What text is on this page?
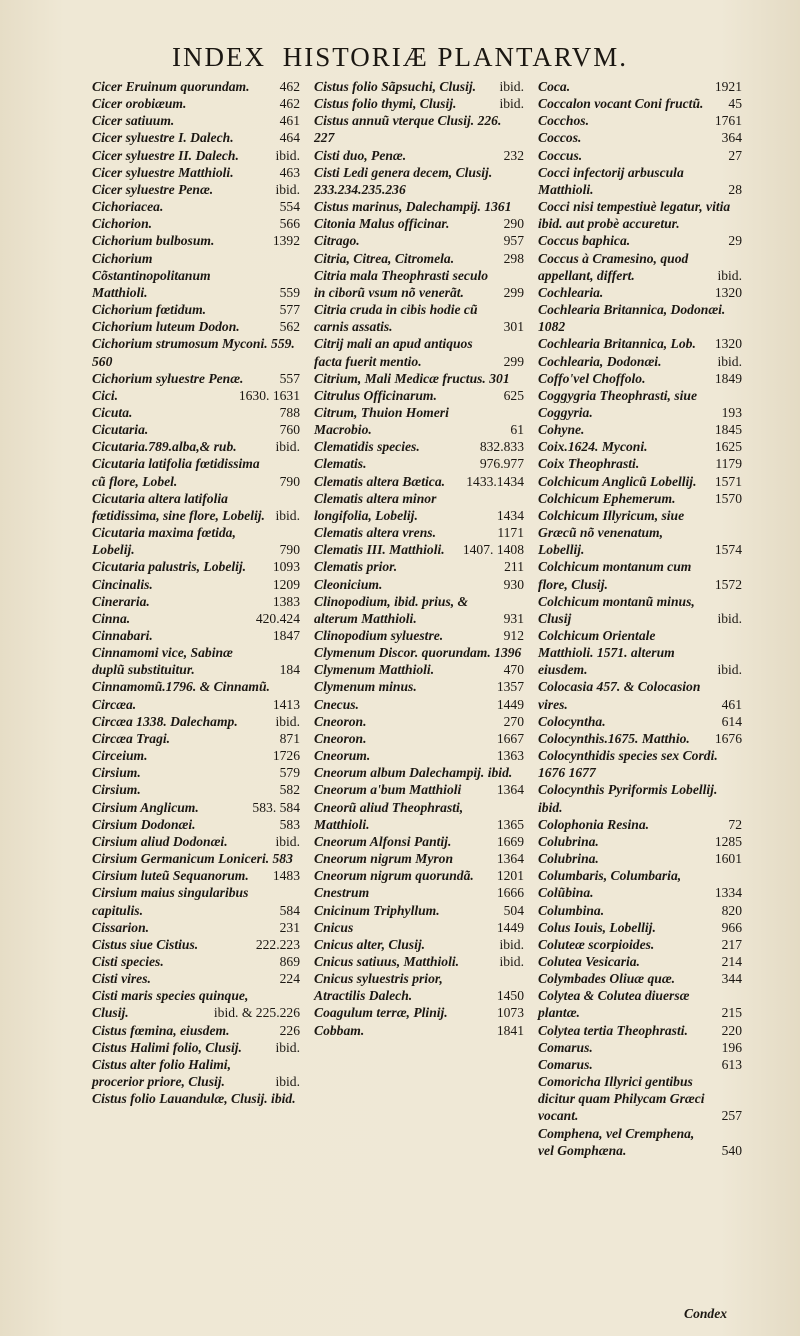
INDEX HISTORIÆ PLANTARVM.
Cicer Eruinum quorundam. 462
Cicer orobiæum.	462
Cicer satiuum.	461
Cicer syluestre I. Dalech.	464
Cicer syluestre II. Dalech.	ibid.
Cicer syluestre Matthioli.	463
Cicer syluestre Penæ.	ibid.
Cichoriacea.	554
Cichorion.	566
Cichorium bulbosum.	1392
Cichorium Cõstantinopolitanum Matthioli.	559
Cichorium fœtidum.	577
Cichorium luteum Dodon.	562
Cichorium strumosum Myconi. 559. 560
Cichorium syluestre Penæ.	557
Cici.	1630. 1631
Cicuta.	788
Cicutaria.	760
Cicutaria.789.alba,& rub.	ibid.
Cicutaria latifolia fœtidissima cũ flore, Lobel.	790
Cicutaria altera latifolia fœtidissima, sine flore, Lobelij. ibid.
Cicutaria maxima fœtida, Lobelij.	790
Cicutaria palustris, Lobelij. 1093
Cincinalis.	1209
Cineraria.	1383
Cinna.	420.424
Cinnabari.	1847
Cinnamomi vice, Sabinæ duplũ substituitur.	184
Cinnamomũ.1796. & Cinnamũ.
Circæa.	1413
Circæa 1338. Dalechamp.	ibid.
Circæa Tragi.	871
Circeium.	1726
Cirsium.	579
Cirsium.	582
Cirsium Anglicum.	583. 584
Cirsium Dodonæi.	583
Cirsium aliud Dodonæi.	ibid.
Cirsium Germanicum Loniceri. 583
Cirsium luteũ Sequanorum. 1483
Cirsium maius singularibus capitulis.	584
Cissarion.	231
Cistus siue Cistius.	222.223
Cisti species.	869
Cisti vires.	224
Cisti maris species quinque, Clusij.	ibid. & 225.226
Cistus fœmina, eiusdem.	226
Cistus Halimi folio, Clusij. ibid.
Cistus alter folio Halimi, procerior priore, Clusij.	ibid.
Cistus folio Lauandulæ, Clusij. ibid.
Cistus folio Sãpsuchi, Clusij. ibid.
Cistus folio thymi, Clusij.	ibid.
Cistus annuũ vterque Clusij. 226. 227
Cisti duo, Penæ.	232
Cisti Ledi genera decem, Clusij. 233.234.235.236
Cistus marinus, Dalechampij. 1361
Citonia Malus officinar.	290
Citrago.	957
Citria, Citrea, Citromela.	298
Citria mala Theophrasti seculo in ciborũ vsum nõ venerãt.	299
Citria cruda in cibis hodie cũ carnis assatis.	301
Citrij mali an apud antiquos facta fuerit mentio.	299
Citrium, Mali Medicæ fructus. 301
Citrulus Officinarum.	625
Citrum, Thuion Homeri Macrobio.	61
Clematidis species.	832.833
Clematis.	976.977
Clematis altera Bætica. 1433.1434
Clematis altera minor longifolia, Lobelij.	1434
Clematis altera vrens.	1171
Clematis III. Matthioli. 1407. 1408
Clematis prior.	211
Cleonicium.	930
Clinopodium, ibid. prius, & alterum Matthioli.	931
Clinopodium syluestre.	912
Clymenum Discor. quorundam. 1396
Clymenum Matthioli.	470
Clymenum minus.	1357
Cnecus.	1449
Cneoron.	270
Cneoron.	1667
Cneorum.	1363
Cneorum album Dalechampij. ibid.
Cneorum a'bum Matthioli	1364
Cneorũ aliud Theophrasti, Matthioli.	1365
Cneorum Alfonsi Pantij.	1669
Cneorum nigrum Myron	1364
Cneorum nigrum quorundã. 1201
Cnestrum	1666
Cnicinum Triphyllum.	504
Cnicus	1449
Cnicus alter, Clusij.	ibid.
Cnicus satiuus, Matthioli.	ibid.
Cnicus syluestris prior, Atractilis Dalech.	1450
Coagulum terræ, Plinij.	1073
Cobbam.	1841
Coca.	1921
Coccalon vocant Coni fructũ. 45
Cocchos.	1761
Coccos.	364
Coccus.	27
Cocci infectorij arbuscula Matthioli.	28
Cocci nisi tempestiuè legatur, vitia ibid. aut probè accuretur.
Coccus baphica.	29
Coccus à Cramesino, quod appellant, differt.	ibid.
Cochlearia.	1320
Cochlearia Britannica, Dodonæi. 1082
Cochlearia Britannica, Lob. 1320
Cochlearia, Dodonæi.	ibid.
Coffo'vel Choffolo.	1849
Coggygria Theophrasti, siue Coggyria.	193
Cohyne.	1845
Coix.1624. Myconi.	1625
Coix Theophrasti.	1179
Colchicum Anglicũ Lobellij. 1571
Colchicum Ephemerum.	1570
Colchicum Illyricum, siue Græcũ nõ venenatum, Lobellij.	1574
Colchicum montanum cum flore, Clusij.	1572
Colchicum montanũ minus, Clusij	ibid.
Colchicum Orientale Matthioli. 1571. alterum eiusdem.	ibid.
Colocasia 457. & Colocasion vires.	461
Colocyntha.	614
Colocynthis.1675. Matthio. 1676
Colocynthidis species sex Cordi. 1676 1677
Colocynthis Pyriformis Lobellij. ibid.
Colophonia Resina.	72
Colubrina.	1285
Colubrina.	1601
Columbaris, Columbaria, Colũbina.	1334
Columbina.	820
Colus Iouis, Lobellij.	966
Coluteæ scorpioides.	217
Colutea Vesicaria.	214
Colymbades Oliuæ quæ.	344
Colytea & Colutea diuersæ plantæ.	215
Colytea tertia Theophrasti. 220
Comarus.	196
Comarus.	613
Comoricha Illyrici gentibus dicitur quam Philycam Græci vocant.	257
Comphena, vel Cremphena, vel Gomphæna.	540
Condex
